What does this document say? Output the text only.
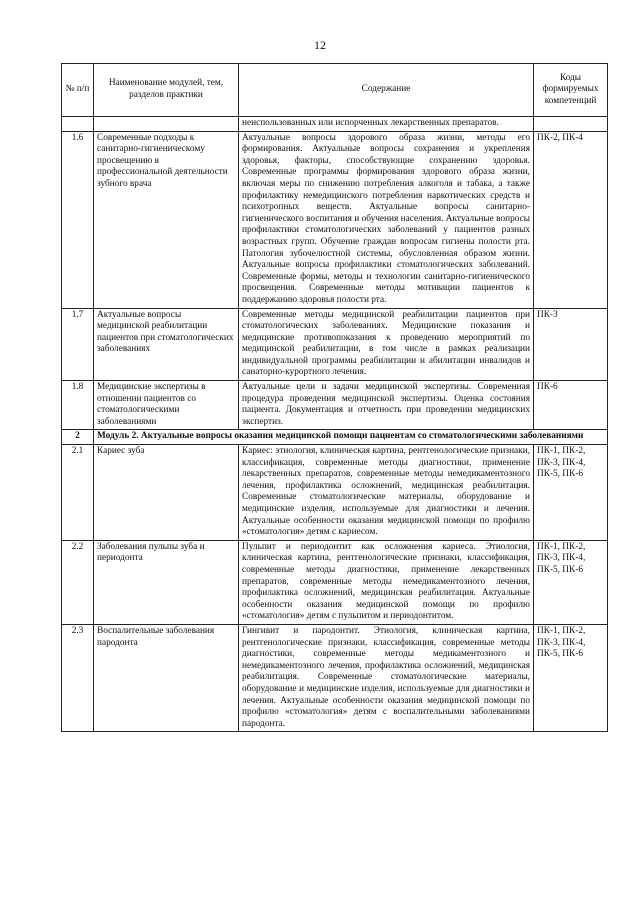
12
№ п/п	Наименование модулей, тем, разделов практики	Содержание	Коды формируемых компетенций
		неиспользованных или испорченных лекарственных препаратов.	
1.6	Современные подходы к санитарно-гигиеническому просвещению в профессиональной деятельности зубного врача	Актуальные вопросы здорового образа жизни, методы его формирования. Актуальные вопросы сохранения и укрепления здоровья, факторы, способствующие сохранению здоровья. Современные программы формирования здорового образа жизни, включая меры по снижению потребления алкоголя и табака, а также профилактику немедицинского потребления наркотических средств и психотропных веществ. Актуальные вопросы санитарно-гигиенического воспитания и обучения населения. Актуальные вопросы профилактики стоматологических заболеваний у пациентов разных возрастных групп. Обучение граждан вопросам гигиены полости рта. Патология зубочелюстной системы, обусловленная образом жизни. Актуальные вопросы профилактики стоматологических заболеваний. Современные формы, методы и технологии санитарно-гигиенического просвещения. Современные методы мотивации пациентов к поддержанию здоровья полости рта.	ПК-2, ПК-4
1.7	Актуальные вопросы медицинской реабилитации пациентов при стоматологических заболеваниях	Современные методы медицинской реабилитации пациентов при стоматологических заболеваниях. Медицинские показания и медицинские противопоказания к проведению мероприятий по медицинской реабилитации, в том числе в рамках реализации индивидуальной программы реабилитации и абилитации инвалидов и санаторно-курортного лечения.	ПК-3
1.8	Медицинские экспертизы в отношении пациентов со стоматологическими заболеваниями	Актуальные цели и задачи медицинской экспертизы. Современная процедура проведения медицинской экспертизы. Оценка состояния пациента. Документация и отчетность при проведении медицинских экспертиз.	ПК-6
2	Модуль 2. Актуальные вопросы оказания медицинской помощи пациентам со стоматологическими заболеваниями		
2.1	Кариес зуба	Кариес: этиология, клиническая картина, рентгенологические признаки, классификация, современные методы диагностики, применение лекарственных препаратов, современные методы немедикаментозного лечения, профилактика осложнений, медицинская реабилитация. Современные стоматологические материалы, оборудование и медицинские изделия, используемые для диагностики и лечения. Актуальные особенности оказания медицинской помощи по профилю «стоматология» детям с кариесом.	ПК-1, ПК-2, ПК-3, ПК-4, ПК-5, ПК-6
2.2	Заболевания пульпы зуба и периодонта	Пульпит и периодонтит как осложнения кариеса. Этиология, клиническая картина, рентгенологические признаки, классификация, современные методы диагностики, применение лекарственных препаратов, современные методы немедикаментозного лечения, профилактика осложнений, медицинская реабилитация. Актуальные особенности оказания медицинской помощи по профилю «стоматология» детям с пульпитом и периодонтитом.	ПК-1, ПК-2, ПК-3, ПК-4, ПК-5, ПК-6
2.3	Воспалительные заболевания пародонта	Гингивит и пародонтит. Этиология, клиническая картина, рентгенологические признаки, классификация, современные методы диагностики, современные методы медикаментозного и немедикаментозного лечения, профилактика осложнений, медицинская реабилитация. Современные стоматологические материалы, оборудование и медицинские изделия, используемые для диагностики и лечения. Актуальные особенности оказания медицинской помощи по профилю «стоматология» детям с воспалительными заболеваниями пародонта.	ПК-1, ПК-2, ПК-3, ПК-4, ПК-5, ПК-6
